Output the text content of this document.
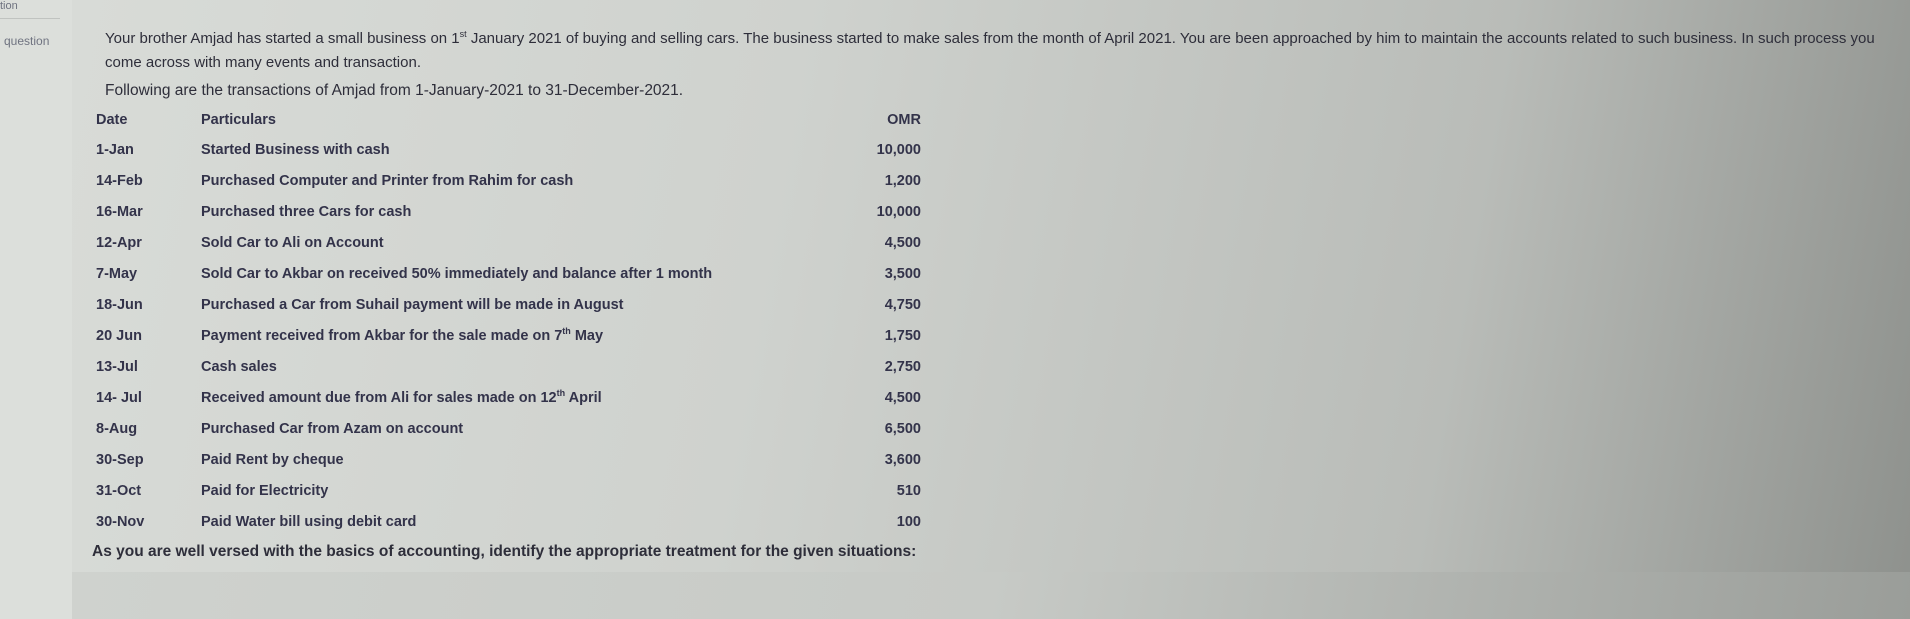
tion
question	Your brother Amjad has started a small business on 1st January 2021 of buying and selling cars. The business started to make sales from the month of April 2021. You are been approached by him to maintain the accounts related to such business. In such process you come across with many events and transaction.
Following are the transactions of Amjad from 1-January-2021 to 31-December-2021.
Date	Particulars	OMR
1-Jan	Started Business with cash	10,000
14-Feb	Purchased Computer and Printer from Rahim for cash	1,200
16-Mar	Purchased three Cars for cash	10,000
12-Apr	Sold Car to Ali on Account	4,500
7-May	Sold Car to Akbar on received 50% immediately and balance after 1 month	3,500
18-Jun	Purchased a Car from Suhail payment will be made in August	4,750
20 Jun	Payment received from Akbar for the sale made on 7th May	1,750
13-Jul	Cash sales	2,750
14- Jul	Received amount due from Ali for sales made on 12th April	4,500
8-Aug	Purchased Car from Azam on account	6,500
30-Sep	Paid Rent by cheque	3,600
31-Oct	Paid for Electricity	510
30-Nov	Paid Water bill using debit card	100
As you are well versed with the basics of accounting, identify the appropriate treatment for the given situations:
